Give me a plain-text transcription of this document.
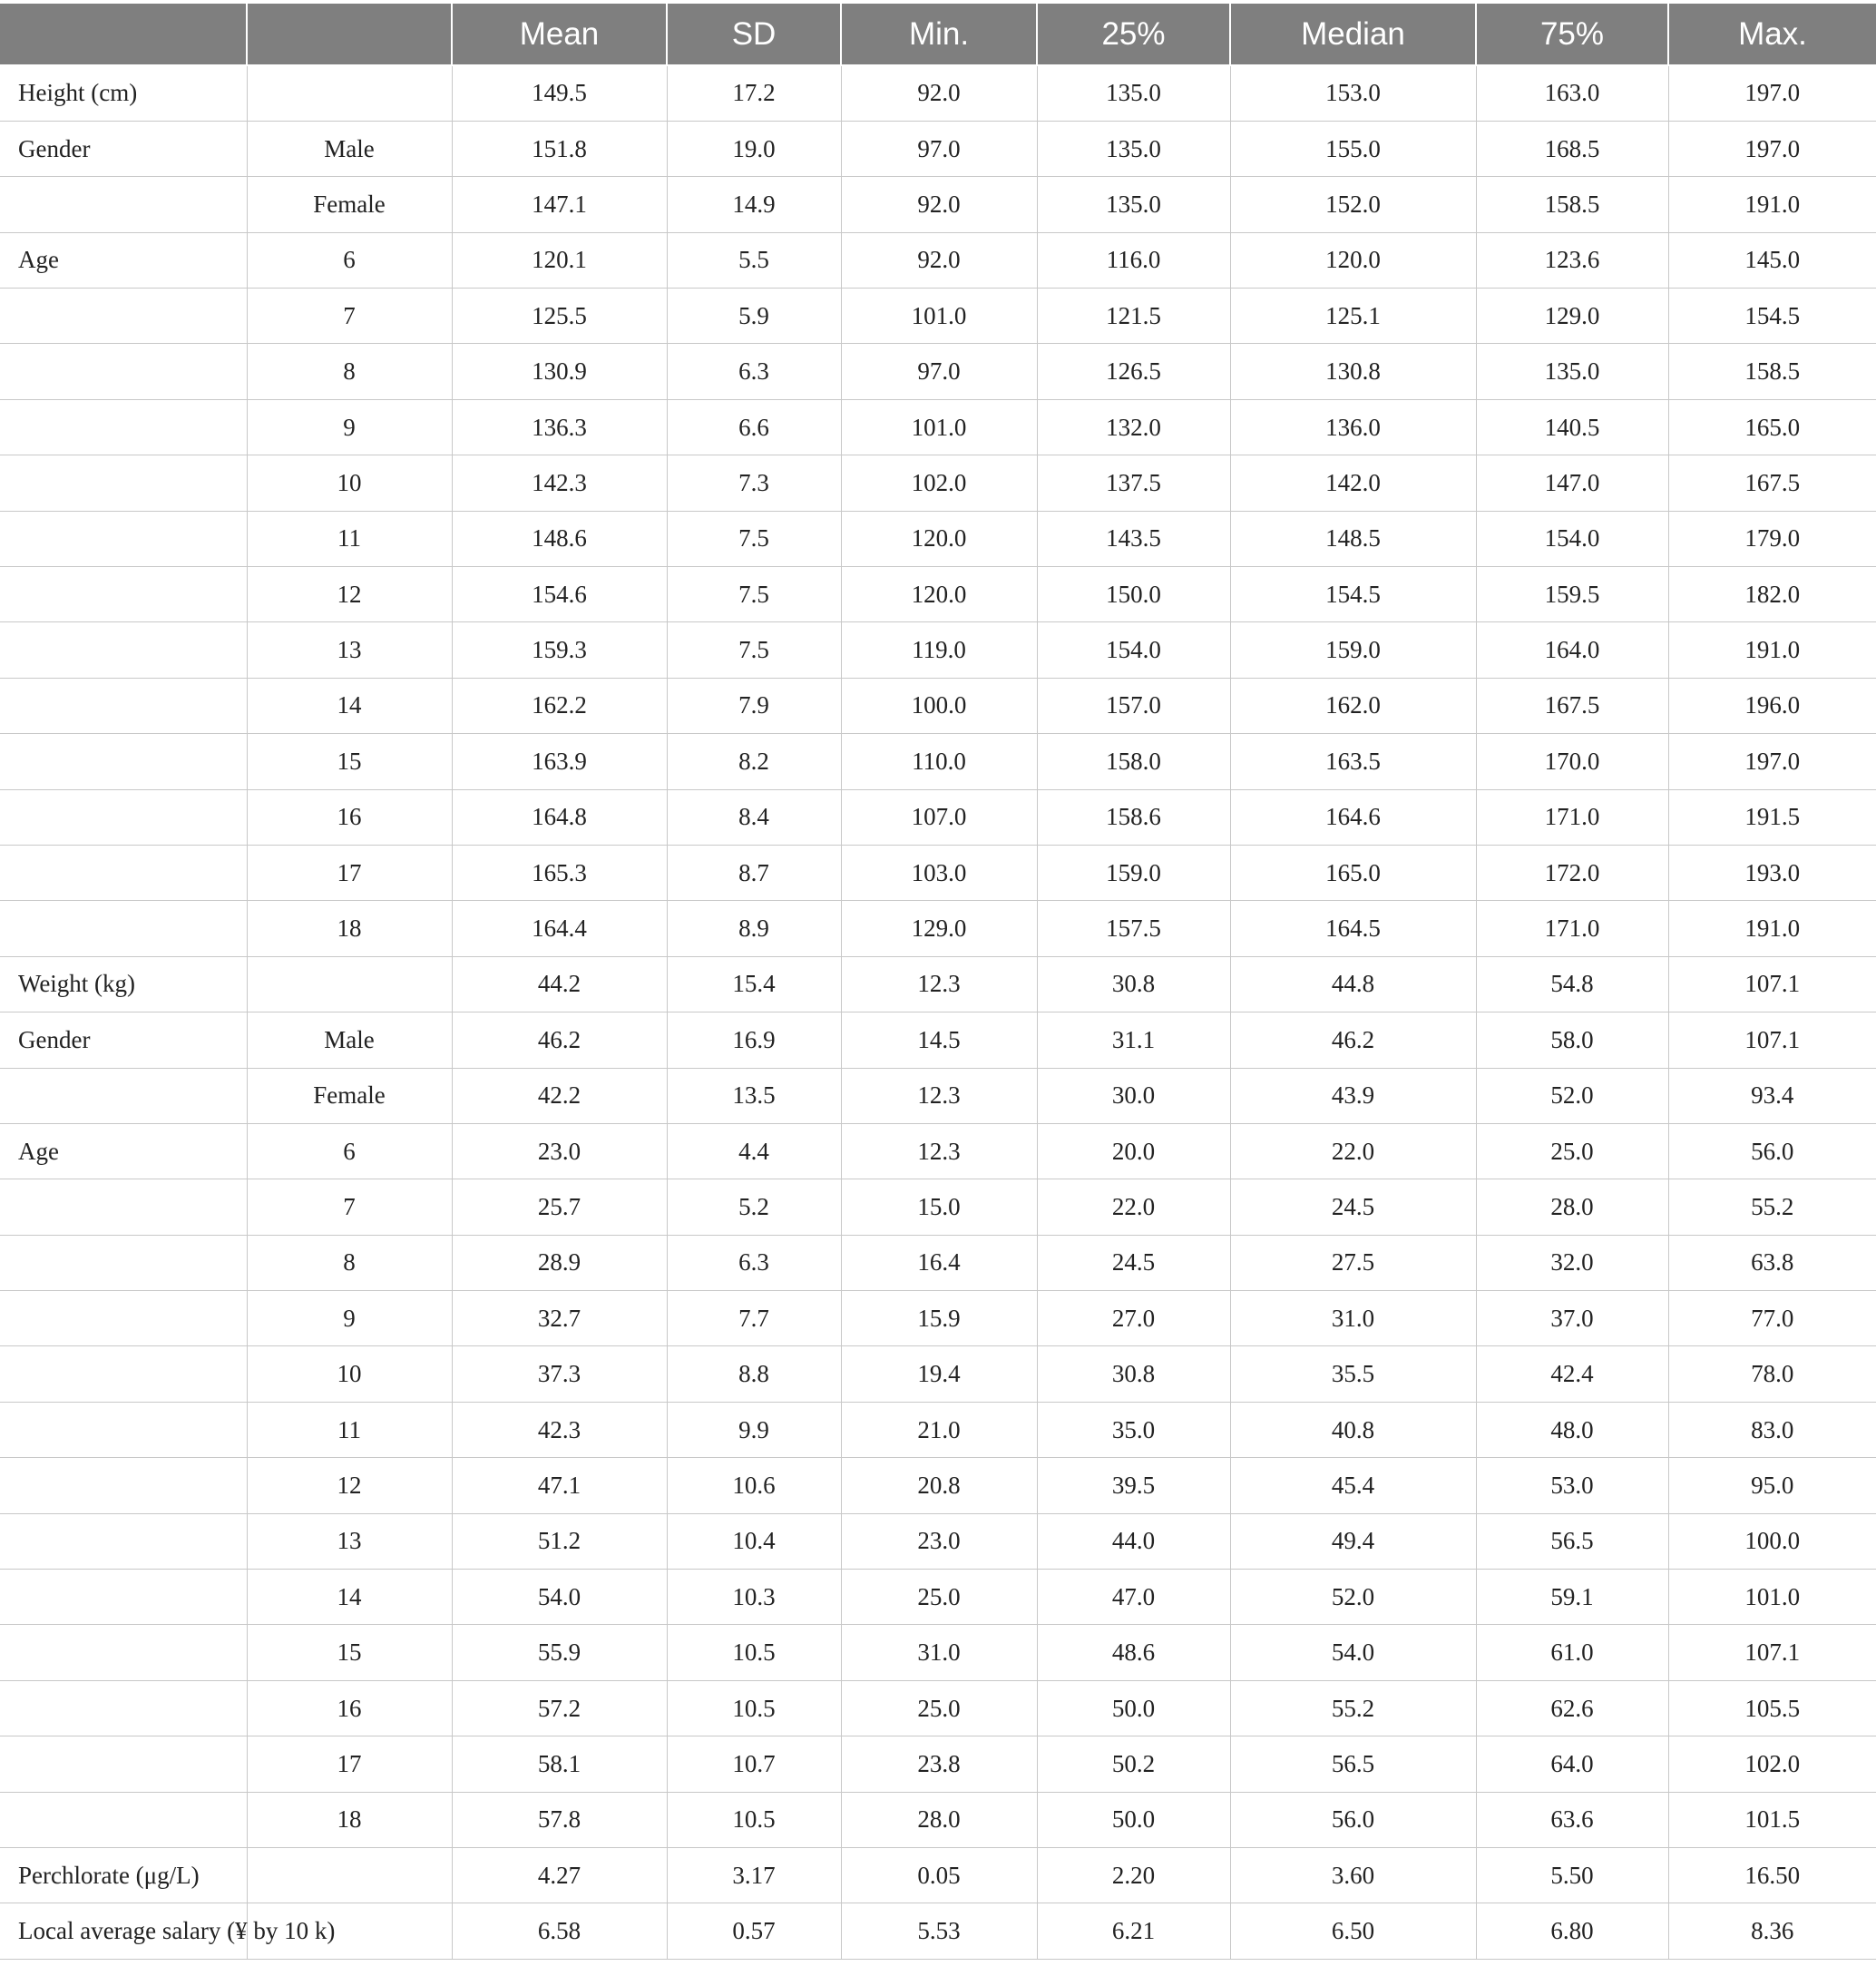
		Mean	SD	Min.	25%	Median	75%	Max.
Height (cm)		149.5	17.2	92.0	135.0	153.0	163.0	197.0
Gender	Male	151.8	19.0	97.0	135.0	155.0	168.5	197.0
	Female	147.1	14.9	92.0	135.0	152.0	158.5	191.0
Age	6	120.1	5.5	92.0	116.0	120.0	123.6	145.0
	7	125.5	5.9	101.0	121.5	125.1	129.0	154.5
	8	130.9	6.3	97.0	126.5	130.8	135.0	158.5
	9	136.3	6.6	101.0	132.0	136.0	140.5	165.0
	10	142.3	7.3	102.0	137.5	142.0	147.0	167.5
	11	148.6	7.5	120.0	143.5	148.5	154.0	179.0
	12	154.6	7.5	120.0	150.0	154.5	159.5	182.0
	13	159.3	7.5	119.0	154.0	159.0	164.0	191.0
	14	162.2	7.9	100.0	157.0	162.0	167.5	196.0
	15	163.9	8.2	110.0	158.0	163.5	170.0	197.0
	16	164.8	8.4	107.0	158.6	164.6	171.0	191.5
	17	165.3	8.7	103.0	159.0	165.0	172.0	193.0
	18	164.4	8.9	129.0	157.5	164.5	171.0	191.0
Weight (kg)		44.2	15.4	12.3	30.8	44.8	54.8	107.1
Gender	Male	46.2	16.9	14.5	31.1	46.2	58.0	107.1
	Female	42.2	13.5	12.3	30.0	43.9	52.0	93.4
Age	6	23.0	4.4	12.3	20.0	22.0	25.0	56.0
	7	25.7	5.2	15.0	22.0	24.5	28.0	55.2
	8	28.9	6.3	16.4	24.5	27.5	32.0	63.8
	9	32.7	7.7	15.9	27.0	31.0	37.0	77.0
	10	37.3	8.8	19.4	30.8	35.5	42.4	78.0
	11	42.3	9.9	21.0	35.0	40.8	48.0	83.0
	12	47.1	10.6	20.8	39.5	45.4	53.0	95.0
	13	51.2	10.4	23.0	44.0	49.4	56.5	100.0
	14	54.0	10.3	25.0	47.0	52.0	59.1	101.0
	15	55.9	10.5	31.0	48.6	54.0	61.0	107.1
	16	57.2	10.5	25.0	50.0	55.2	62.6	105.5
	17	58.1	10.7	23.8	50.2	56.5	64.0	102.0
	18	57.8	10.5	28.0	50.0	56.0	63.6	101.5
Perchlorate (μg/L)		4.27	3.17	0.05	2.20	3.60	5.50	16.50
Local average salary (¥ by 10 k)		6.58	0.57	5.53	6.21	6.50	6.80	8.36
